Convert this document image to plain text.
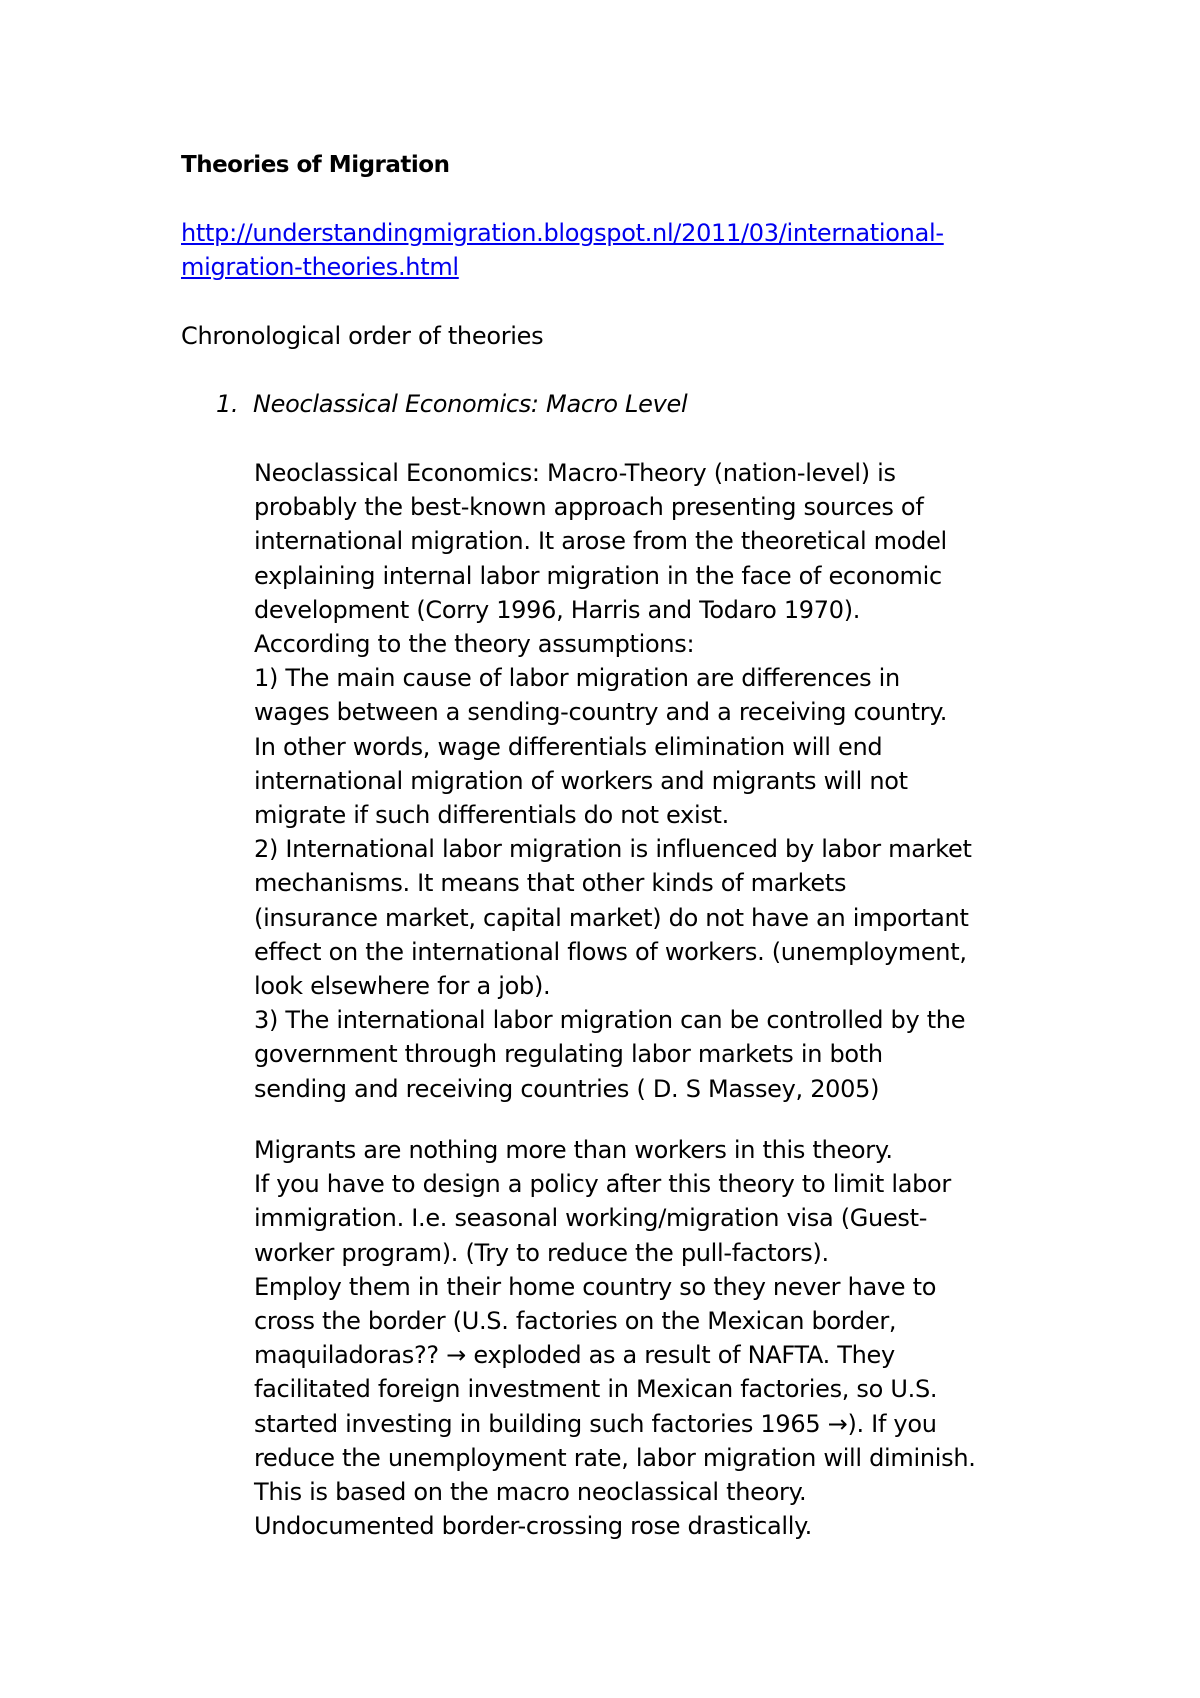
Theories of Migration
http://understandingmigration.blogspot.nl/2011/03/international-
migration-theories.html

Chronological order of theories

1. Neoclassical Economics: Macro Level
Neoclassical Economics: Macro-Theory (nation-level) is
probably the best-known approach presenting sources of
international migration. It arose from the theoretical model
explaining internal labor migration in the face of economic
development (Corry 1996, Harris and Todaro 1970).
According to the theory assumptions:
1) The main cause of labor migration are differences in
wages between a sending-country and a receiving country.
In other words, wage differentials elimination will end
international migration of workers and migrants will not
migrate if such differentials do not exist.
2) International labor migration is influenced by labor market
mechanisms. It means that other kinds of markets
(insurance market, capital market) do not have an important
effect on the international flows of workers. (unemployment,
look elsewhere for a job).
3) The international labor migration can be controlled by the
government through regulating labor markets in both
sending and receiving countries ( D. S Massey, 2005)
Migrants are nothing more than workers in this theory.
If you have to design a policy after this theory to limit labor
immigration. I.e. seasonal working/migration visa (Guest-
worker program). (Try to reduce the pull-factors).
Employ them in their home country so they never have to
cross the border (U.S. factories on the Mexican border,
maquiladoras?? → exploded as a result of NAFTA. They
facilitated foreign investment in Mexican factories, so U.S.
started investing in building such factories 1965 →). If you
reduce the unemployment rate, labor migration will diminish.
This is based on the macro neoclassical theory.
Undocumented border-crossing rose drastically.
